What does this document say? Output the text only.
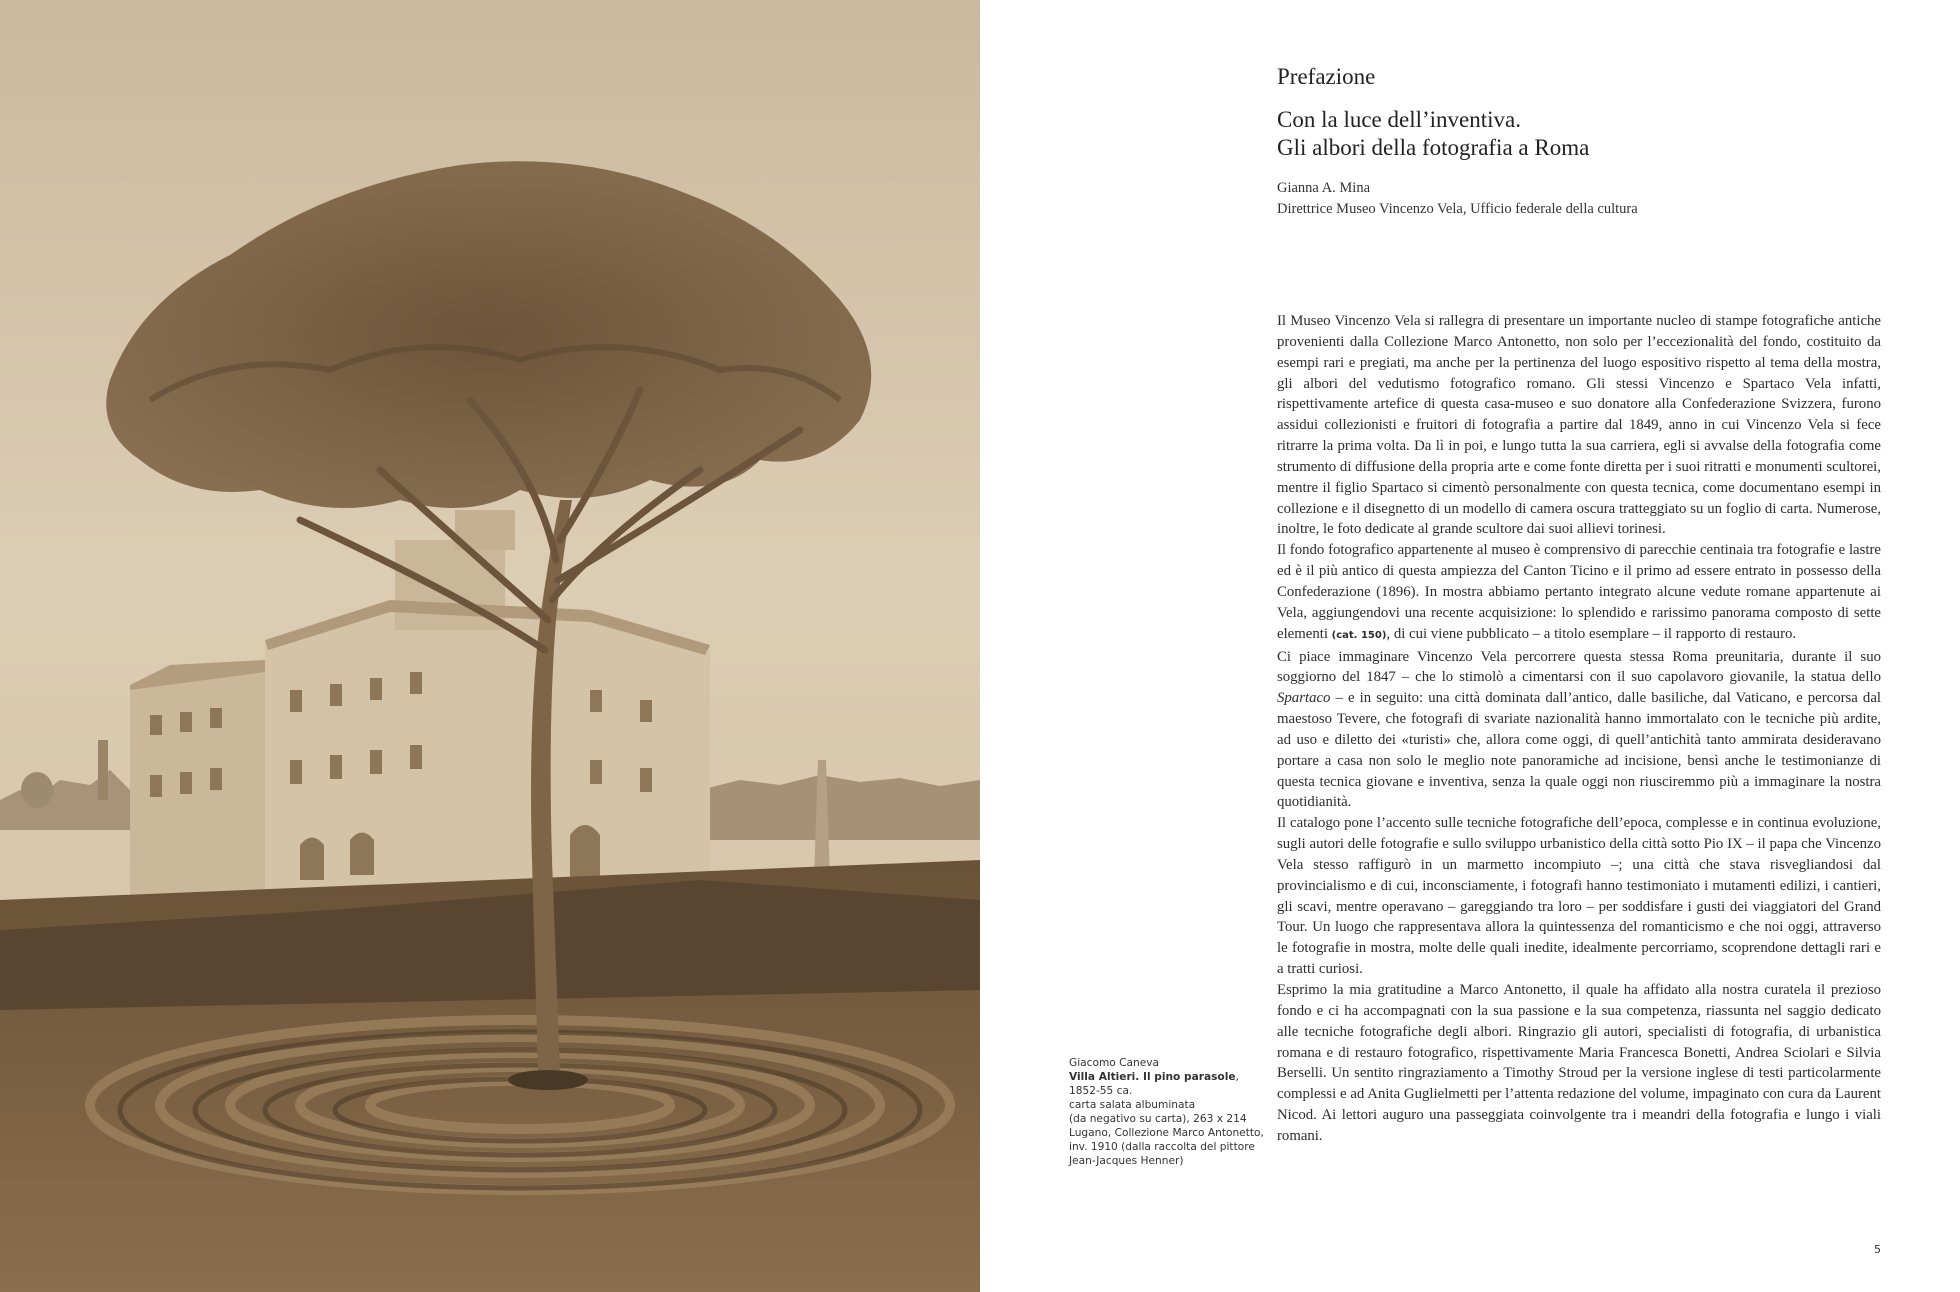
Giacomo Caneva
Villa Altieri. Il pino parasole,
1852-55 ca.
carta salata albuminata
(da negativo su carta), 263 x 214
Lugano, Collezione Marco Antonetto,
inv. 1910 (dalla raccolta del pittore
Jean-Jacques Henner)
Prefazione
Con la luce dell’inventiva.
Gli albori della fotografia a Roma
Gianna A. Mina
Direttrice Museo Vincenzo Vela, Ufficio federale della cultura

Il Museo Vincenzo Vela si rallegra di presentare un importante nucleo di stampe fotografiche antiche provenienti dalla Collezione Marco Antonetto, non solo per l’eccezionalità del fondo, costituito da esempi rari e pregiati, ma anche per la pertinenza del luogo espositivo rispetto al tema della mostra, gli albori del vedutismo fotografico romano. Gli stessi Vincenzo e Spartaco Vela infatti, rispettivamente artefice di questa casa-museo e suo donatore alla Confederazione Svizzera, furono assidui collezionisti e fruitori di fotografia a partire dal 1849, anno in cui Vincenzo Vela si fece ritrarre la prima volta. Da lì in poi, e lungo tutta la sua carriera, egli si avvalse della fotografia come strumento di diffusione della propria arte e come fonte diretta per i suoi ritratti e monumenti scultorei, mentre il figlio Spartaco si cimentò personalmente con questa tecnica, come documentano esempi in collezione e il disegnetto di un modello di camera oscura tratteggiato su un foglio di carta. Numerose, inoltre, le foto dedicate al grande scultore dai suoi allievi torinesi.

Il fondo fotografico appartenente al museo è comprensivo di parecchie centinaia tra fotografie e lastre ed è il più antico di questa ampiezza del Canton Ticino e il primo ad essere entrato in possesso della Confederazione (1896). In mostra abbiamo pertanto integrato alcune vedute romane appartenute ai Vela, aggiungendovi una recente acquisizione: lo splendido e rarissimo panorama composto di sette elementi (cat. 150), di cui viene pubblicato – a titolo esemplare – il rapporto di restauro.

Ci piace immaginare Vincenzo Vela percorrere questa stessa Roma preunitaria, durante il suo soggiorno del 1847 – che lo stimolò a cimentarsi con il suo capolavoro giovanile, la statua dello Spartaco – e in seguito: una città dominata dall’antico, dalle basiliche, dal Vaticano, e percorsa dal maestoso Tevere, che fotografi di svariate nazionalità hanno immortalato con le tecniche più ardite, ad uso e diletto dei «turisti» che, allora come oggi, di quell’antichità tanto ammirata desideravano portare a casa non solo le meglio note panoramiche ad incisione, bensì anche le testimonianze di questa tecnica giovane e inventiva, senza la quale oggi non riusciremmo più a immaginare la nostra quotidianità.

Il catalogo pone l’accento sulle tecniche fotografiche dell’epoca, complesse e in continua evoluzione, sugli autori delle fotografie e sullo sviluppo urbanistico della città sotto Pio IX – il papa che Vincenzo Vela stesso raffigurò in un marmetto incompiuto –; una città che stava risvegliandosi dal provincialismo e di cui, inconsciamente, i fotografi hanno testimoniato i mutamenti edilizi, i cantieri, gli scavi, mentre operavano – gareggiando tra loro – per soddisfare i gusti dei viaggiatori del Grand Tour. Un luogo che rappresentava allora la quintessenza del romanticismo e che noi oggi, attraverso le fotografie in mostra, molte delle quali inedite, idealmente percorriamo, scoprendone dettagli rari e a tratti curiosi.

Esprimo la mia gratitudine a Marco Antonetto, il quale ha affidato alla nostra curatela il prezioso fondo e ci ha accompagnati con la sua passione e la sua competenza, riassunta nel saggio dedicato alle tecniche fotografiche degli albori. Ringrazio gli autori, specialisti di fotografia, di urbanistica romana e di restauro fotografico, rispettivamente Maria Francesca Bonetti, Andrea Sciolari e Silvia Berselli. Un sentito ringraziamento a Timothy Stroud per la versione inglese di testi particolarmente complessi e ad Anita Guglielmetti per l’attenta redazione del volume, impaginato con cura da Laurent Nicod. Ai lettori auguro una passeggiata coinvolgente tra i meandri della fotografia e lungo i viali romani.

5
